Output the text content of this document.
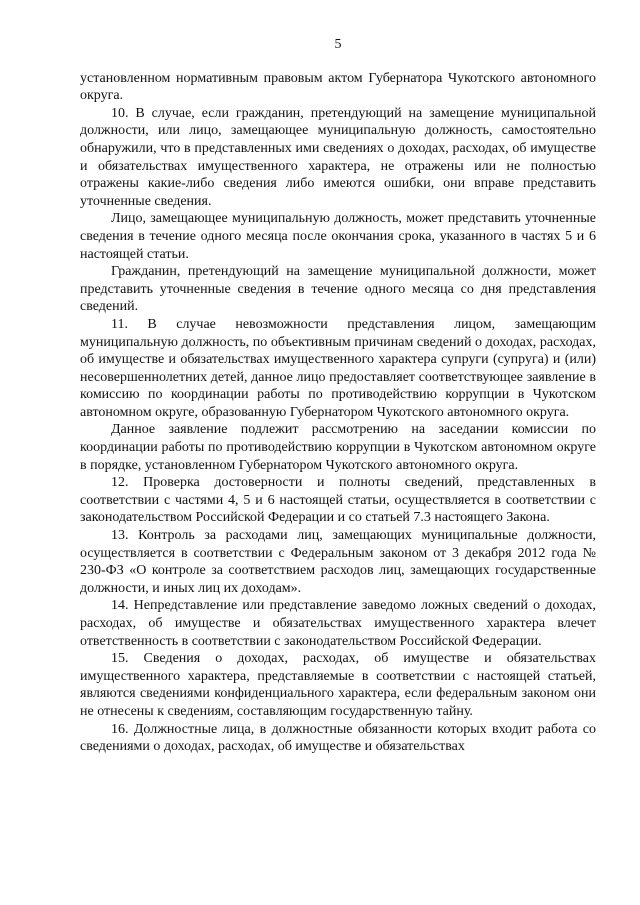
5

установленном нормативным правовым актом Губернатора Чукотского автономного округа.

10. В случае, если гражданин, претендующий на замещение муниципальной должности, или лицо, замещающее муниципальную должность, самостоятельно обнаружили, что в представленных ими сведениях о доходах, расходах, об имуществе и обязательствах имущественного характера, не отражены или не полностью отражены какие-либо сведения либо имеются ошибки, они вправе представить уточненные сведения.

Лицо, замещающее муниципальную должность, может представить уточненные сведения в течение одного месяца после окончания срока, указанного в частях 5 и 6 настоящей статьи.

Гражданин, претендующий на замещение муниципальной должности, может представить уточненные сведения в течение одного месяца со дня представления сведений.

11. В случае невозможности представления лицом, замещающим муниципальную должность, по объективным причинам сведений о доходах, расходах, об имуществе и обязательствах имущественного характера супруги (супруга) и (или) несовершеннолетних детей, данное лицо предоставляет соответствующее заявление в комиссию по координации работы по противодействию коррупции в Чукотском автономном округе, образованную Губернатором Чукотского автономного округа.

Данное заявление подлежит рассмотрению на заседании комиссии по координации работы по противодействию коррупции в Чукотском автономном округе в порядке, установленном Губернатором Чукотского автономного округа.

12. Проверка достоверности и полноты сведений, представленных в соответствии с частями 4, 5 и 6 настоящей статьи, осуществляется в соответствии с законодательством Российской Федерации и со статьей 7.3 настоящего Закона.

13. Контроль за расходами лиц, замещающих муниципальные должности, осуществляется в соответствии с Федеральным законом от 3 декабря 2012 года № 230-ФЗ «О контроле за соответствием расходов лиц, замещающих государственные должности, и иных лиц их доходам».

14. Непредставление или представление заведомо ложных сведений о доходах, расходах, об имуществе и обязательствах имущественного характера влечет ответственность в соответствии с законодательством Российской Федерации.

15. Сведения о доходах, расходах, об имуществе и обязательствах имущественного характера, представляемые в соответствии с настоящей статьей, являются сведениями конфиденциального характера, если федеральным законом они не отнесены к сведениям, составляющим государственную тайну.

16. Должностные лица, в должностные обязанности которых входит работа со сведениями о доходах, расходах, об имуществе и обязательствах
